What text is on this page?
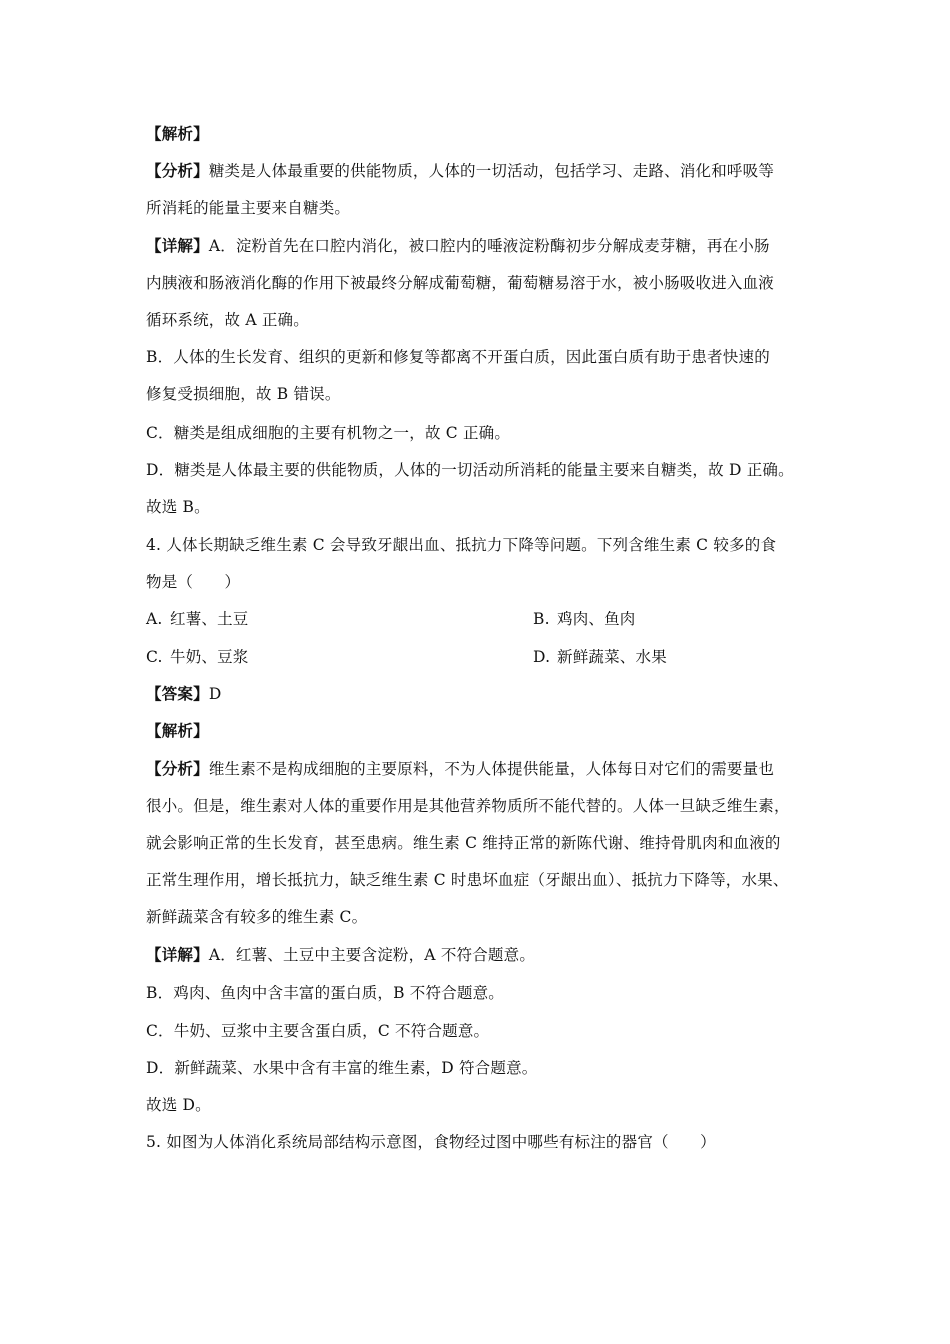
【解析】
【分析】糖类是人体最重要的供能物质，人体的一切活动，包括学习、走路、消化和呼吸等
所消耗的能量主要来自糖类。
【详解】A．淀粉首先在口腔内消化，被口腔内的唾液淀粉酶初步分解成麦芽糖，再在小肠
内胰液和肠液消化酶的作用下被最终分解成葡萄糖，葡萄糖易溶于水，被小肠吸收进入血液
循环系统，故 A 正确。
B．人体的生长发育、组织的更新和修复等都离不开蛋白质，因此蛋白质有助于患者快速的
修复受损细胞，故 B 错误。
C．糖类是组成细胞的主要有机物之一，故 C 正确。
D．糖类是人体最主要的供能物质，人体的一切活动所消耗的能量主要来自糖类，故 D 正确。
故选 B。
4. 人体长期缺乏维生素 C 会导致牙龈出血、抵抗力下降等问题。下列含维生素 C 较多的食
物是（　　）
A. 红薯、土豆	B. 鸡肉、鱼肉
C. 牛奶、豆浆	D. 新鲜蔬菜、水果
【答案】D
【解析】
【分析】维生素不是构成细胞的主要原料，不为人体提供能量，人体每日对它们的需要量也
很小。但是，维生素对人体的重要作用是其他营养物质所不能代替的。人体一旦缺乏维生素，
就会影响正常的生长发育，甚至患病。维生素 C 维持正常的新陈代谢、维持骨肌肉和血液的
正常生理作用，增长抵抗力，缺乏维生素 C 时患坏血症（牙龈出血）、抵抗力下降等，水果、
新鲜蔬菜含有较多的维生素 C。
【详解】A．红薯、土豆中主要含淀粉，A 不符合题意。
B．鸡肉、鱼肉中含丰富的蛋白质，B 不符合题意。
C．牛奶、豆浆中主要含蛋白质，C 不符合题意。
D．新鲜蔬菜、水果中含有丰富的维生素，D 符合题意。
故选 D。
5. 如图为人体消化系统局部结构示意图，食物经过图中哪些有标注的器官（　　）
